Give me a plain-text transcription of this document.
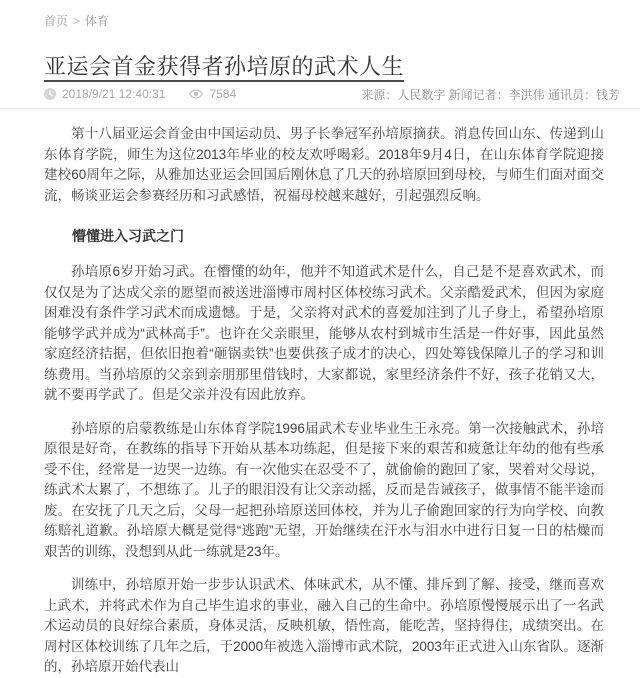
首页 > 体育
亚运会首金获得者孙培原的武术人生
2018/9/21 12:40:31	7584	来源：人民数字 新闻记者：李洪伟 通讯员：钱芳

第十八届亚运会首金由中国运动员、男子长拳冠军孙培原摘获。消息传回山东、传递到山东体育学院，师生为这位2013年毕业的校友欢呼喝彩。2018年9月4日，在山东体育学院迎接建校60周年之际，从雅加达亚运会回国后刚休息了几天的孙培原回到母校，与师生们面对面交流，畅谈亚运会参赛经历和习武感悟，祝福母校越来越好，引起强烈反响。

懵懂进入习武之门

孙培原6岁开始习武。在懵懂的幼年，他并不知道武术是什么，自己是不是喜欢武术，而仅仅是为了达成父亲的愿望而被送进淄博市周村区体校练习武术。父亲酷爱武术，但因为家庭困难没有条件学习武术而成遗憾。于是，父亲将对武术的喜爱加注到了儿子身上，希望孙培原能够学武并成为“武林高手”。也许在父亲眼里，能够从农村到城市生活是一件好事，因此虽然家庭经济拮据，但依旧抱着“砸锅卖铁”也要供孩子成才的决心，四处筹钱保障儿子的学习和训练费用。当孙培原的父亲到亲朋那里借钱时，大家都说，家里经济条件不好，孩子花销又大，就不要再学武了。但是父亲并没有因此放弃。

孙培原的启蒙教练是山东体育学院1996届武术专业毕业生王永亮。第一次接触武术，孙培原很是好奇，在教练的指导下开始从基本功练起，但是接下来的艰苦和疲惫让年幼的他有些承受不住，经常是一边哭一边练。有一次他实在忍受不了，就偷偷的跑回了家，哭着对父母说，练武术太累了，不想练了。儿子的眼泪没有让父亲动摇，反而是告诫孩子，做事情不能半途而废。在安抚了几天之后，父母一起把孙培原送回体校，并为儿子偷跑回家的行为向学校、向教练赔礼道歉。孙培原大概是觉得“逃跑”无望，开始继续在汗水与泪水中进行日复一日的枯燥而艰苦的训练，没想到从此一练就是23年。

训练中，孙培原开始一步步认识武术、体味武术，从不懂、排斥到了解、接受，继而喜欢上武术，并将武术作为自己毕生追求的事业，融入自己的生命中。孙培原慢慢展示出了一名武术运动员的良好综合素质，身体灵活，反映机敏，悟性高，能吃苦，坚持得住，成绩突出。在周村区体校训练了几年之后，于2000年被选入淄博市武术院，2003年正式进入山东省队。逐渐的，孙培原开始代表山
